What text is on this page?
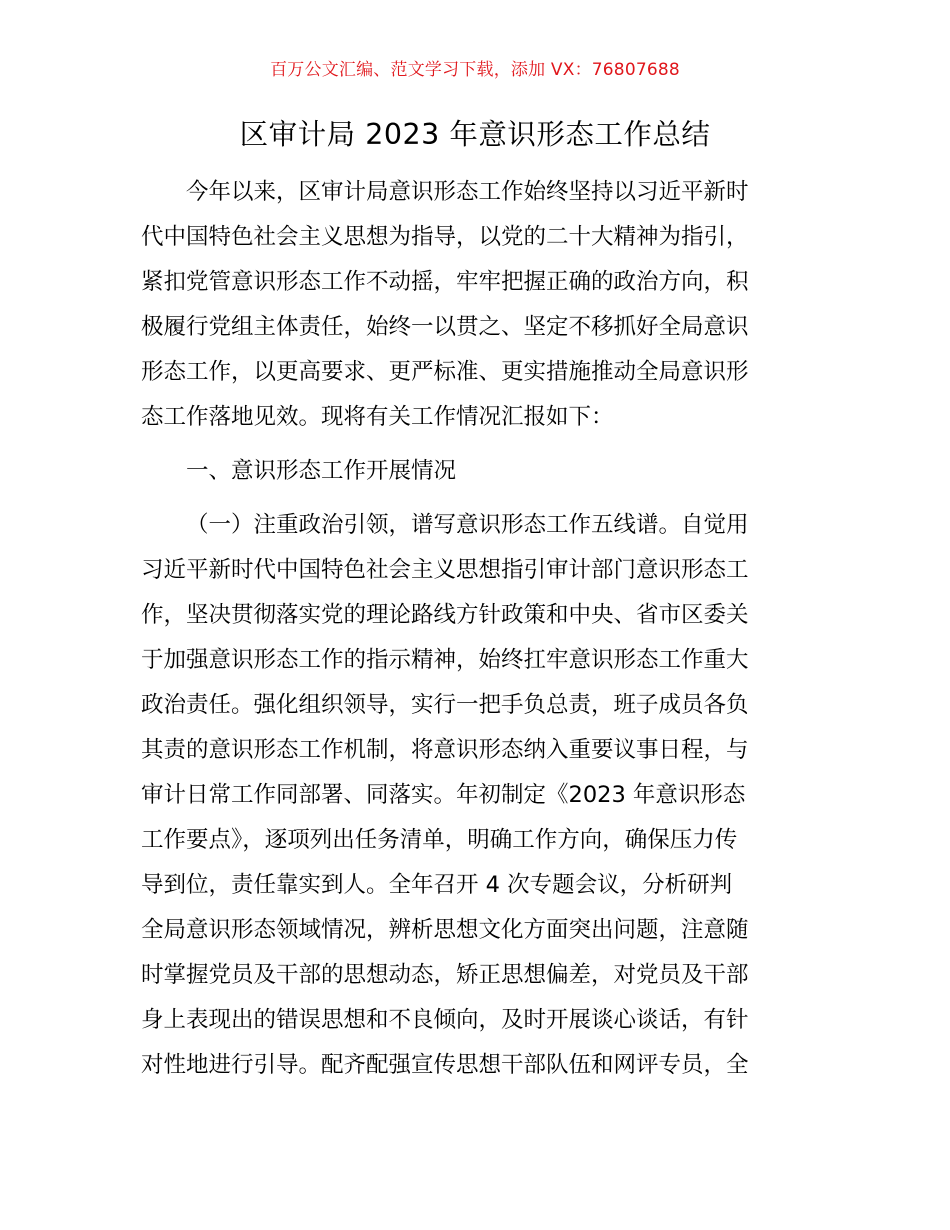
百万公文汇编、范文学习下载，添加 VX：76807688
区审计局 2023 年意识形态工作总结
今年以来，区审计局意识形态工作始终坚持以习近平新时
代中国特色社会主义思想为指导，以党的二十大精神为指引，
紧扣党管意识形态工作不动摇，牢牢把握正确的政治方向，积
极履行党组主体责任，始终一以贯之、坚定不移抓好全局意识
形态工作，以更高要求、更严标准、更实措施推动全局意识形
态工作落地见效。现将有关工作情况汇报如下：
一、意识形态工作开展情况
（一）注重政治引领，谱写意识形态工作五线谱。自觉用
习近平新时代中国特色社会主义思想指引审计部门意识形态工
作，坚决贯彻落实党的理论路线方针政策和中央、省市区委关
于加强意识形态工作的指示精神，始终扛牢意识形态工作重大
政治责任。强化组织领导，实行一把手负总责，班子成员各负
其责的意识形态工作机制，将意识形态纳入重要议事日程，与
审计日常工作同部署、同落实。年初制定《2023 年意识形态
工作要点》，逐项列出任务清单，明确工作方向，确保压力传
导到位，责任靠实到人。全年召开 4 次专题会议，分析研判
全局意识形态领域情况，辨析思想文化方面突出问题，注意随
时掌握党员及干部的思想动态，矫正思想偏差，对党员及干部
身上表现出的错误思想和不良倾向，及时开展谈心谈话，有针
对性地进行引导。配齐配强宣传思想干部队伍和网评专员，全
